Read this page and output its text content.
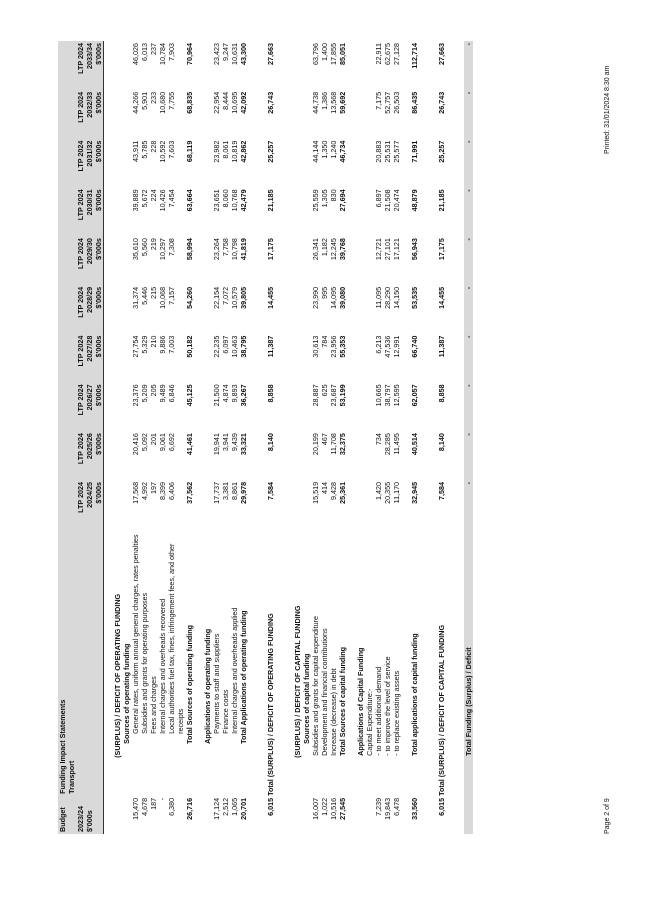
Budget	Funding Impact Statements
Transport										
2023/24		LTP 2024	LTP 2024	LTP 2024	LTP 2024	LTP 2024	LTP 2024	LTP 2024	LTP 2024	LTP 2024	LTP 2024
$'000s		2024/25	2025/26	2026/27	2027/28	2028/29	2029/30	2030/31	2031/32	2032/33	2033/34
		$'000s	$'000s	$'000s	$'000s	$'000s	$'000s	$'000s	$'000s	$'000s	$'000s

	(SURPLUS) / DEFICIT OF OPERATING FUNDING										
	Sources of operating funding										
15,470	General rates, uniform annual general charges, rates penalties	17,568	20,416	23,376	27,754	31,374	35,610	39,889	43,911	44,266	46,026
4,678	Subsidies and grants for operating purposes	4,992	5,092	5,209	5,329	5,446	5,560	5,672	5,785	5,901	6,013
187	Fees and charges	197	201	205	210	215	219	224	228	233	237
-	Internal charges and overheads recovered	8,399	9,061	9,489	9,886	10,068	10,297	10,426	10,592	10,680	10,784
6,380	Local authorities fuel tax, fines, infringement fees, and other receipts	6,406	6,692	6,846	7,003	7,157	7,308	7,454	7,603	7,755	7,903
26,716	Total Sources of operating funding	37,562	41,461	45,125	50,182	54,260	58,994	63,664	68,119	68,835	70,964

	Applications of operating funding										
17,124	Payments to staff and suppliers	17,737	19,941	21,500	22,235	22,154	23,264	23,651	23,982	22,954	23,423
2,512	Finance costs	3,381	3,941	4,874	6,097	7,072	7,758	8,060	8,061	8,444	9,247
1,065	Internal charges and overheads applied	8,861	9,439	9,893	10,463	10,579	10,798	10,768	10,819	10,695	10,631
20,701	Total Applications of operating funding	29,978	33,321	36,267	38,795	39,805	41,819	42,479	42,862	42,092	43,300

6,015	Total (SURPLUS) / DEFICIT OF OPERATING FUNDING	7,584	8,140	8,858	11,387	14,455	17,175	21,185	25,257	26,743	27,663

	(SURPLUS) / DEFICIT OF CAPITAL FUNDING										
	Sources of capital funding										
16,007	Subsidies and grants for capital expenditure	15,519	20,199	28,887	30,613	23,990	26,341	25,559	44,144	44,738	63,796
1,022	Development and financial contributions	414	467	625	784	995	1,182	1,305	1,350	1,386	1,400
10,516	Increase (decrease) in debt	9,428	11,708	23,687	23,956	14,095	12,245	830	1,240	13,568	17,855
27,545	Total Sources of capital funding	25,361	32,375	53,199	55,353	39,080	39,768	27,694	46,734	59,692	85,051

	Applications of Capital Funding										
	Capital Expenditure:-										
7,239	- to meet additional demand	1,420	734	10,665	6,213	11,095	12,721	6,897	20,883	7,175	22,911
19,843	- to improve the level of service	20,355	28,285	38,797	47,536	28,290	27,101	21,508	25,531	52,757	62,675
6,478	- to replace existing assets	11,170	11,495	12,595	12,991	14,150	17,121	20,474	25,577	26,503	27,128

33,560	Total applications of capital funding	32,945	40,514	62,057	66,740	53,535	56,943	48,879	71,991	86,435	112,714

6,015	Total (SURPLUS) / DEFICIT OF CAPITAL FUNDING	7,584	8,140	8,858	11,387	14,455	17,175	21,185	25,257	26,743	27,663

	Total Funding (Surplus) / Deficit	-	-	-	-	-	-	-	-	-	-
Page 2 of 9
Printed: 31/01/2024 8:30 am
